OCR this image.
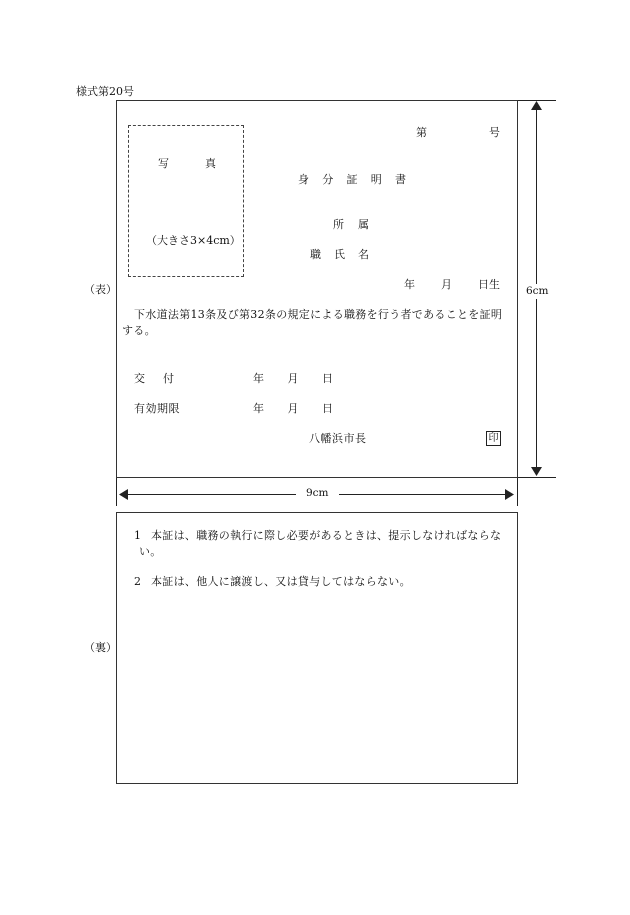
様式第20号
（表）
（裏）
第	号
写	真
（大きさ3×4cm）
身 分 証 明 書
所 属
職 氏 名
年 月 日生
下水道法第13条及び第32条の規定による職務を行う者であることを証明する。
交 付	年 月 日
有効期限	年 月 日
八幡浜市長	印
6cm
9cm
1 本証は、職務の執行に際し必要があるときは、提示しなければならない。
2 本証は、他人に譲渡し、又は貸与してはならない。
